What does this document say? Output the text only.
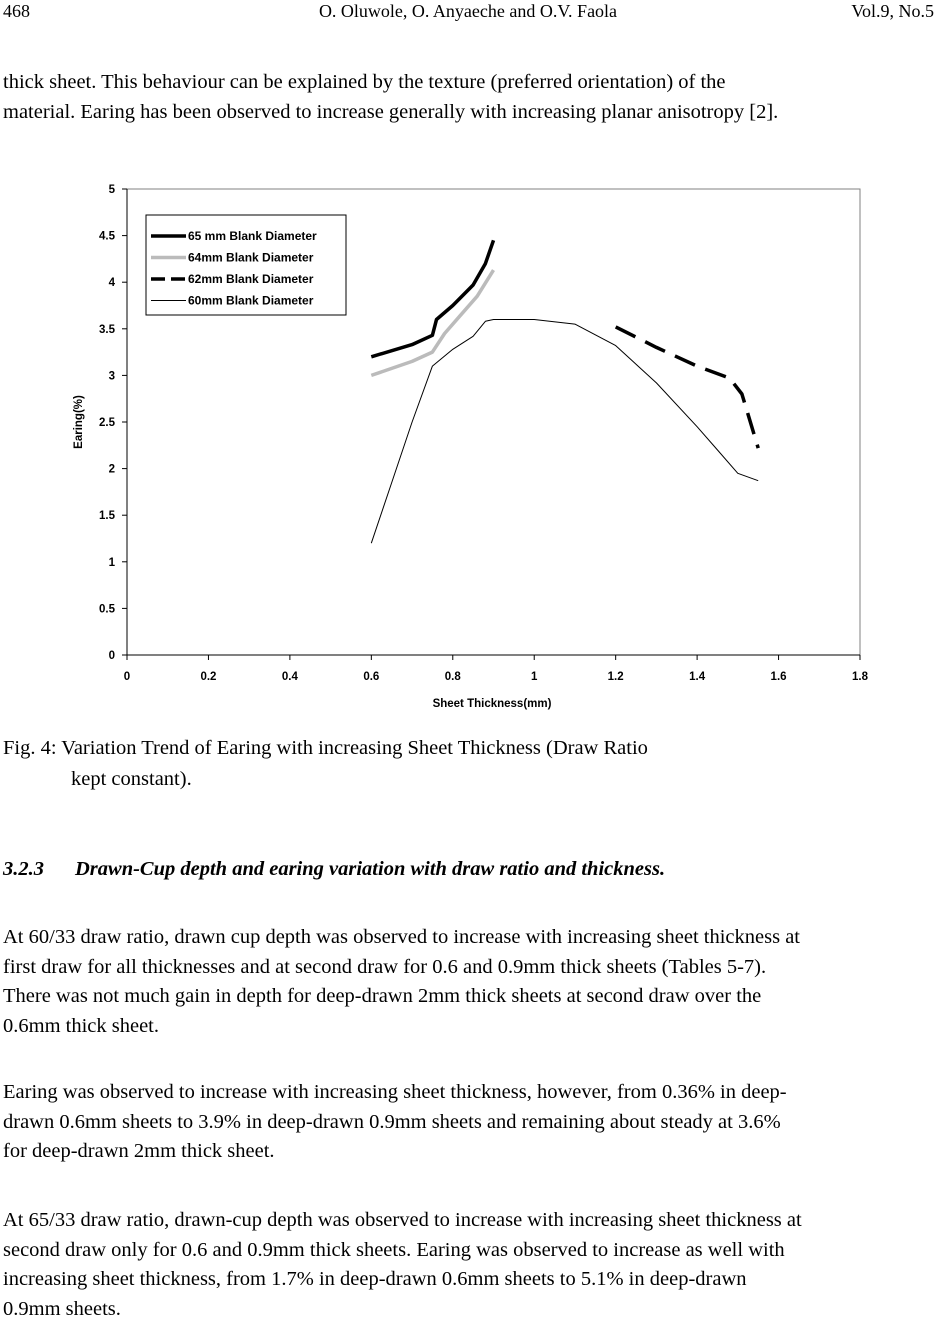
468	O. Oluwole, O. Anyaeche and O.V. Faola	Vol.9, No.5

thick sheet. This behaviour can be explained by the texture (preferred orientation) of the
material. Earing has been observed to increase generally with increasing planar anisotropy [2].

0	0.2	0.4	0.6	0.8	1	1.2	1.4	1.6	1.8
0
0.5
1
1.5
2
2.5
3
3.5
4
4.5
5
65 mm Blank Diameter
64mm Blank Diameter
62mm Blank Diameter
60mm Blank Diameter
Sheet Thickness(mm)
Earing(%)
Fig. 4: Variation Trend of Earing with increasing Sheet Thickness (Draw Ratio
kept constant).
3.2.3 Drawn-Cup depth and earing variation with draw ratio and thickness.

At 60/33 draw ratio, drawn cup depth was observed to increase with increasing sheet thickness at
first draw for all thicknesses and at second draw for 0.6 and 0.9mm thick sheets (Tables 5-7).
There was not much gain in depth for deep-drawn 2mm thick sheets at second draw over the
0.6mm thick sheet.

Earing was observed to increase with increasing sheet thickness, however, from 0.36% in deep-
drawn 0.6mm sheets to 3.9% in deep-drawn 0.9mm sheets and remaining about steady at 3.6%
for deep-drawn 2mm thick sheet.

At 65/33 draw ratio, drawn-cup depth was observed to increase with increasing sheet thickness at
second draw only for 0.6 and 0.9mm thick sheets. Earing was observed to increase as well with
increasing sheet thickness, from 1.7% in deep-drawn 0.6mm sheets to 5.1% in deep-drawn
0.9mm sheets.
